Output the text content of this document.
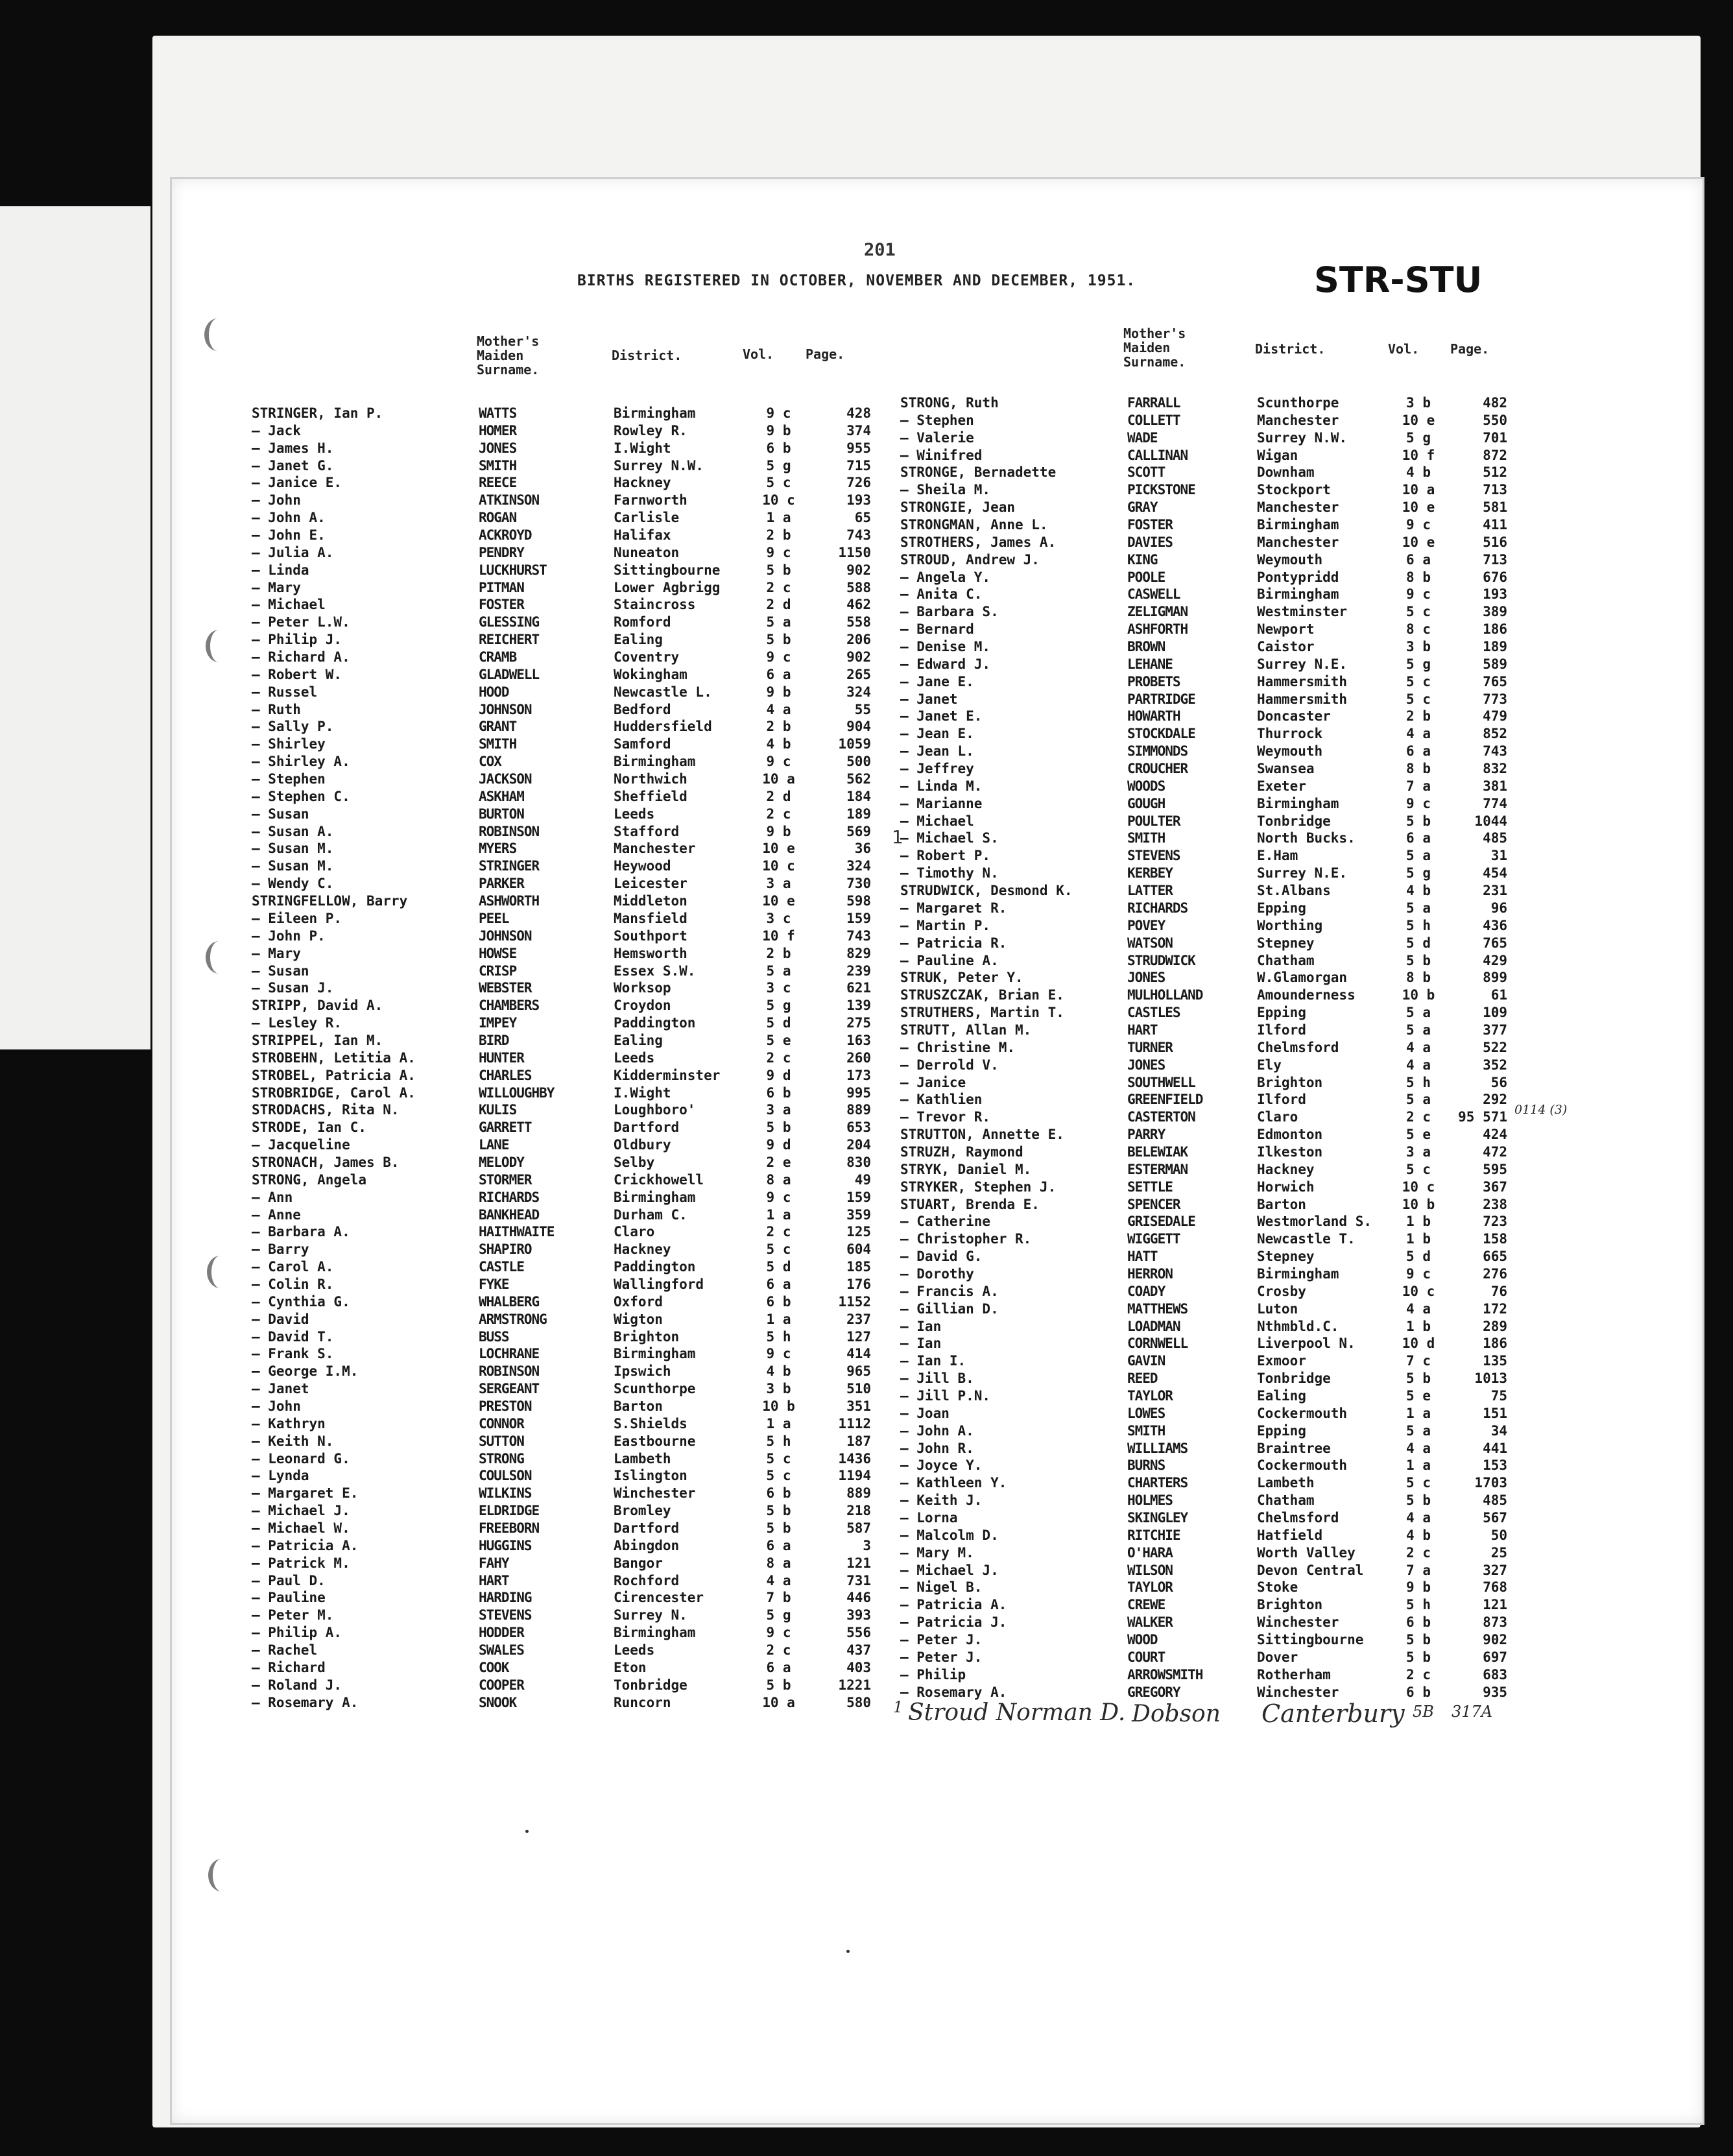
201
BIRTHS REGISTERED IN OCTOBER, NOVEMBER AND DECEMBER, 1951.	STR-STU
Mother's
Maiden
Surname.
District.	Vol. Page.
Mother's
Maiden
Surname.
District.	Vol. Page.
STRINGER, Ian P.	WATTS	Birmingham	9 c	428
— Jack	HOMER	Rowley R.	9 b	374
— James H.	JONES	I.Wight	6 b	955
— Janet G.	SMITH	Surrey N.W.	5 g	715
— Janice E.	REECE	Hackney	5 c	726
— John	ATKINSON	Farnworth	10 c	193
— John A.	ROGAN	Carlisle	1 a	65
— John E.	ACKROYD	Halifax	2 b	743
— Julia A.	PENDRY	Nuneaton	9 c	1150
— Linda	LUCKHURST	Sittingbourne	5 b	902
— Mary	PITMAN	Lower Agbrigg	2 c	588
— Michael	FOSTER	Staincross	2 d	462
— Peter L.W.	GLESSING	Romford	5 a	558
— Philip J.	REICHERT	Ealing	5 b	206
— Richard A.	CRAMB	Coventry	9 c	902
— Robert W.	GLADWELL	Wokingham	6 a	265
— Russel	HOOD	Newcastle L.	9 b	324
— Ruth	JOHNSON	Bedford	4 a	55
— Sally P.	GRANT	Huddersfield	2 b	904
— Shirley	SMITH	Samford	4 b	1059
— Shirley A.	COX	Birmingham	9 c	500
— Stephen	JACKSON	Northwich	10 a	562
— Stephen C.	ASKHAM	Sheffield	2 d	184
— Susan	BURTON	Leeds	2 c	189
— Susan A.	ROBINSON	Stafford	9 b	569
— Susan M.	MYERS	Manchester	10 e	36
— Susan M.	STRINGER	Heywood	10 c	324
— Wendy C.	PARKER	Leicester	3 a	730
STRINGFELLOW, Barry	ASHWORTH	Middleton	10 e	598
— Eileen P.	PEEL	Mansfield	3 c	159
— John P.	JOHNSON	Southport	10 f	743
— Mary	HOWSE	Hemsworth	2 b	829
— Susan	CRISP	Essex S.W.	5 a	239
— Susan J.	WEBSTER	Worksop	3 c	621
STRIPP, David A.	CHAMBERS	Croydon	5 g	139
— Lesley R.	IMPEY	Paddington	5 d	275
STRIPPEL, Ian M.	BIRD	Ealing	5 e	163
STROBEHN, Letitia A.	HUNTER	Leeds	2 c	260
STROBEL, Patricia A.	CHARLES	Kidderminster	9 d	173
STROBRIDGE, Carol A.	WILLOUGHBY	I.Wight	6 b	995
STRODACHS, Rita N.	KULIS	Loughboro'	3 a	889
STRODE, Ian C.	GARRETT	Dartford	5 b	653
— Jacqueline	LANE	Oldbury	9 d	204
STRONACH, James B.	MELODY	Selby	2 e	830
STRONG, Angela	STORMER	Crickhowell	8 a	49
— Ann	RICHARDS	Birmingham	9 c	159
— Anne	BANKHEAD	Durham C.	1 a	359
— Barbara A.	HAITHWAITE	Claro	2 c	125
— Barry	SHAPIRO	Hackney	5 c	604
— Carol A.	CASTLE	Paddington	5 d	185
— Colin R.	FYKE	Wallingford	6 a	176
— Cynthia G.	WHALBERG	Oxford	6 b	1152
— David	ARMSTRONG	Wigton	1 a	237
— David T.	BUSS	Brighton	5 h	127
— Frank S.	LOCHRANE	Birmingham	9 c	414
— George I.M.	ROBINSON	Ipswich	4 b	965
— Janet	SERGEANT	Scunthorpe	3 b	510
— John	PRESTON	Barton	10 b	351
— Kathryn	CONNOR	S.Shields	1 a	1112
— Keith N.	SUTTON	Eastbourne	5 h	187
— Leonard G.	STRONG	Lambeth	5 c	1436
— Lynda	COULSON	Islington	5 c	1194
— Margaret E.	WILKINS	Winchester	6 b	889
— Michael J.	ELDRIDGE	Bromley	5 b	218
— Michael W.	FREEBORN	Dartford	5 b	587
— Patricia A.	HUGGINS	Abingdon	6 a	3
— Patrick M.	FAHY	Bangor	8 a	121
— Paul D.	HART	Rochford	4 a	731
— Pauline	HARDING	Cirencester	7 b	446
— Peter M.	STEVENS	Surrey N.	5 g	393
— Philip A.	HODDER	Birmingham	9 c	556
— Rachel	SWALES	Leeds	2 c	437
— Richard	COOK	Eton	6 a	403
— Roland J.	COOPER	Tonbridge	5 b	1221
— Rosemary A.	SNOOK	Runcorn	10 a	580
STRONG, Ruth	FARRALL	Scunthorpe	3 b	482
— Stephen	COLLETT	Manchester	10 e	550
— Valerie	WADE	Surrey N.W.	5 g	701
— Winifred	CALLINAN	Wigan	10 f	872
STRONGE, Bernadette	SCOTT	Downham	4 b	512
— Sheila M.	PICKSTONE	Stockport	10 a	713
STRONGIE, Jean	GRAY	Manchester	10 e	581
STRONGMAN, Anne L.	FOSTER	Birmingham	9 c	411
STROTHERS, James A.	DAVIES	Manchester	10 e	516
STROUD, Andrew J.	KING	Weymouth	6 a	713
— Angela Y.	POOLE	Pontypridd	8 b	676
— Anita C.	CASWELL	Birmingham	9 c	193
— Barbara S.	ZELIGMAN	Westminster	5 c	389
— Bernard	ASHFORTH	Newport	8 c	186
— Denise M.	BROWN	Caistor	3 b	189
— Edward J.	LEHANE	Surrey N.E.	5 g	589
— Jane E.	PROBETS	Hammersmith	5 c	765
— Janet	PARTRIDGE	Hammersmith	5 c	773
— Janet E.	HOWARTH	Doncaster	2 b	479
— Jean E.	STOCKDALE	Thurrock	4 a	852
— Jean L.	SIMMONDS	Weymouth	6 a	743
— Jeffrey	CROUCHER	Swansea	8 b	832
— Linda M.	WOODS	Exeter	7 a	381
— Marianne	GOUGH	Birmingham	9 c	774
— Michael	POULTER	Tonbridge	5 b	1044
— Michael S.	SMITH	North Bucks.	6 a	485
— Robert P.	STEVENS	E.Ham	5 a	31
— Timothy N.	KERBEY	Surrey N.E.	5 g	454
STRUDWICK, Desmond K.	LATTER	St.Albans	4 b	231
— Margaret R.	RICHARDS	Epping	5 a	96
— Martin P.	POVEY	Worthing	5 h	436
— Patricia R.	WATSON	Stepney	5 d	765
— Pauline A.	STRUDWICK	Chatham	5 b	429
STRUK, Peter Y.	JONES	W.Glamorgan	8 b	899
STRUSZCZAK, Brian E.	MULHOLLAND	Amounderness	10 b	61
STRUTHERS, Martin T.	CASTLES	Epping	5 a	109
STRUTT, Allan M.	HART	Ilford	5 a	377
— Christine M.	TURNER	Chelmsford	4 a	522
— Derrold V.	JONES	Ely	4 a	352
— Janice	SOUTHWELL	Brighton	5 h	56
— Kathlien	GREENFIELD	Ilford	5 a	292
— Trevor R.	CASTERTON	Claro	2 c	95 571
STRUTTON, Annette E.	PARRY	Edmonton	5 e	424
STRUZH, Raymond	BELEWIAK	Ilkeston	3 a	472
STRYK, Daniel M.	ESTERMAN	Hackney	5 c	595
STRYKER, Stephen J.	SETTLE	Horwich	10 c	367
STUART, Brenda E.	SPENCER	Barton	10 b	238
— Catherine	GRISEDALE	Westmorland S.	1 b	723
— Christopher R.	WIGGETT	Newcastle T.	1 b	158
— David G.	HATT	Stepney	5 d	665
— Dorothy	HERRON	Birmingham	9 c	276
— Francis A.	COADY	Crosby	10 c	76
— Gillian D.	MATTHEWS	Luton	4 a	172
— Ian	LOADMAN	Nthmbld.C.	1 b	289
— Ian	CORNWELL	Liverpool N.	10 d	186
— Ian I.	GAVIN	Exmoor	7 c	135
— Jill B.	REED	Tonbridge	5 b	1013
— Jill P.N.	TAYLOR	Ealing	5 e	75
— Joan	LOWES	Cockermouth	1 a	151
— John A.	SMITH	Epping	5 a	34
— John R.	WILLIAMS	Braintree	4 a	441
— Joyce Y.	BURNS	Cockermouth	1 a	153
— Kathleen Y.	CHARTERS	Lambeth	5 c	1703
— Keith J.	HOLMES	Chatham	5 b	485
— Lorna	SKINGLEY	Chelmsford	4 a	567
— Malcolm D.	RITCHIE	Hatfield	4 b	50
— Mary M.	O'HARA	Worth Valley	2 c	25
— Michael J.	WILSON	Devon Central	7 a	327
— Nigel B.	TAYLOR	Stoke	9 b	768
— Patricia A.	CREWE	Brighton	5 h	121
— Patricia J.	WALKER	Winchester	6 b	873
— Peter J.	WOOD	Sittingbourne	5 b	902
— Peter J.	COURT	Dover	5 b	697
— Philip	ARROWSMITH	Rotherham	2 c	683
— Rosemary A.	GREGORY	Winchester	6 b	935
1
1 Stroud Norman D. Dobson Canterbury 5B 317A
0114 (3)
